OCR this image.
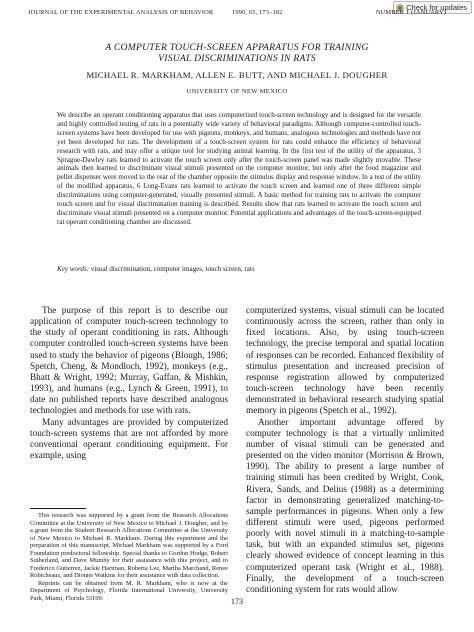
Check for updates
JOURNAL OF THE EXPERIMENTAL ANALYSIS OF BEHAVIOR	1996, 65, 173–182	NUMBER 1 (JANUARY)
A COMPUTER TOUCH-SCREEN APPARATUS FOR TRAINING
VISUAL DISCRIMINATIONS IN RATS
MICHAEL R. MARKHAM, ALLEN E. BUTT, AND MICHAEL J. DOUGHER
UNIVERSITY OF NEW MEXICO

We describe an operant conditioning apparatus that uses computerized touch-screen technology and is designed for the versatile and highly controlled testing of rats in a potentially wide variety of behavioral paradigms. Although computer-controlled touch-screen systems have been developed for use with pigeons, monkeys, and humans, analogous technologies and methods have not yet been developed for rats. The development of a touch-screen system for rats could enhance the efficiency of behavioral research with rats, and may offer a unique tool for studying animal learning. In the first test of the utility of the apparatus, 3 Sprague-Dawley rats learned to activate the touch screen only after the touch-screen panel was made slightly movable. These animals then learned to discriminate visual stimuli presented on the computer monitor, but only after the food magazine and pellet dispenser were moved to the rear of the chamber opposite the stimulus display and response window. In a test of the utility of the modified apparatus, 6 Long-Evans rats learned to activate the touch screen and learned one of three different simple discriminations using computer-generated, visually presented stimuli. A basic method for training rats to activate the computer touch screen and for visual discrimination training is described. Results show that rats learned to activate the touch screen and discriminate visual stimuli presented on a computer monitor. Potential applications and advantages of the touch-screen-equipped rat operant conditioning chamber are discussed.

Key words: visual discrimination, computer images, touch screen, rats

The purpose of this report is to describe our application of computer touch-screen technology to the study of operant conditioning in rats. Although computer controlled touch-screen systems have been used to study the behavior of pigeons (Blough, 1986; Spetch, Cheng, & Mondloch, 1992), monkeys (e.g., Bhatt & Wright, 1992; Murray, Gaffan, & Mishkin, 1993), and humans (e.g., Lynch & Green, 1991), to date no published reports have described analogous technologies and methods for use with rats.

Many advantages are provided by computerized touch-screen systems that are not afforded by more conventional operant conditioning equipment. For example, using

computerized systems, visual stimuli can be located continuously across the screen, rather than only in fixed locations. Also, by using touch-screen technology, the precise temporal and spatial location of responses can be recorded. Enhanced flexibility of stimulus presentation and increased precision of response registration allowed by computerized touch-screen technology have been recently demonstrated in behavioral research studying spatial memory in pigeons (Spetch et al., 1992).

Another important advantage offered by computer technology is that a virtually unlimited number of visual stimuli can be generated and presented on the video monitor (Morrison & Brown, 1990). The ability to present a large number of training stimuli has been credited by Wright, Cook, Rivera, Sands, and Delius (1988) as a determining factor in demonstrating generalized matching-to-sample performances in pigeons. When only a few different stimuli were used, pigeons performed poorly with novel stimuli in a matching-to-sample task, but with an expanded stimulus set, pigeons clearly showed evidence of concept learning in this computerized operant task (Wright et al., 1988). Finally, the development of a touch-screen conditioning system for rats would allow

This research was supported by a grant from the Research Allocations Committee at the University of New Mexico to Michael J. Dougher, and by a grant from the Student Research Allocations Committee at the University of New Mexico to Michael R. Markham. During this experiment and the preparation of this manuscript, Michael Markham was supported by a Ford Foundation predoctoral fellowship. Special thanks to Gordon Hodge, Robert Sutherland, and Dave Mumby for their assistance with this project, and to Frederico Gutierrez, Jackie Hartman, Roberta Lee, Martha Marchand, Renee Robicheaus, and Dionne Watkins for their assistance with data collection.

Reprints can be obtained from M. R. Markham, who is now at the Department of Psychology, Florida International University, University Park, Miami, Florida 33199.	173
